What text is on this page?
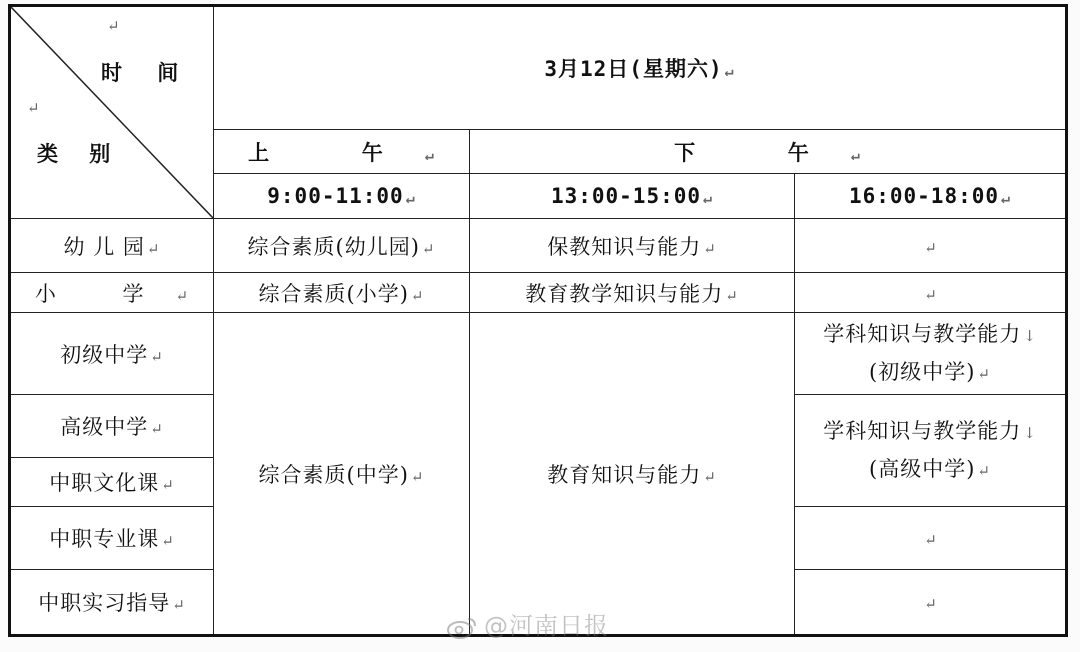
↵
时 间
↵
类 别	3月12日(星期六) ↵		
	上 午 ↵	下 午 ↵	
	9:00-11:00 ↵	13:00-15:00 ↵	16:00-18:00 ↵
幼 儿 园 ↵	综合素质(幼儿园) ↵	保教知识与能力 ↵	↵
小 学 ↵	综合素质(小学) ↵	教育教学知识与能力 ↵	↵
初级中学 ↵	综合素质(中学) ↵	教育知识与能力 ↵	学科知识与教学能力 ↓
(初级中学) ↵
高级中学 ↵			学科知识与教学能力 ↓
(高级中学) ↵
中职文化课 ↵			
中职专业课 ↵			↵
中职实习指导 ↵			↵
@河南日报
